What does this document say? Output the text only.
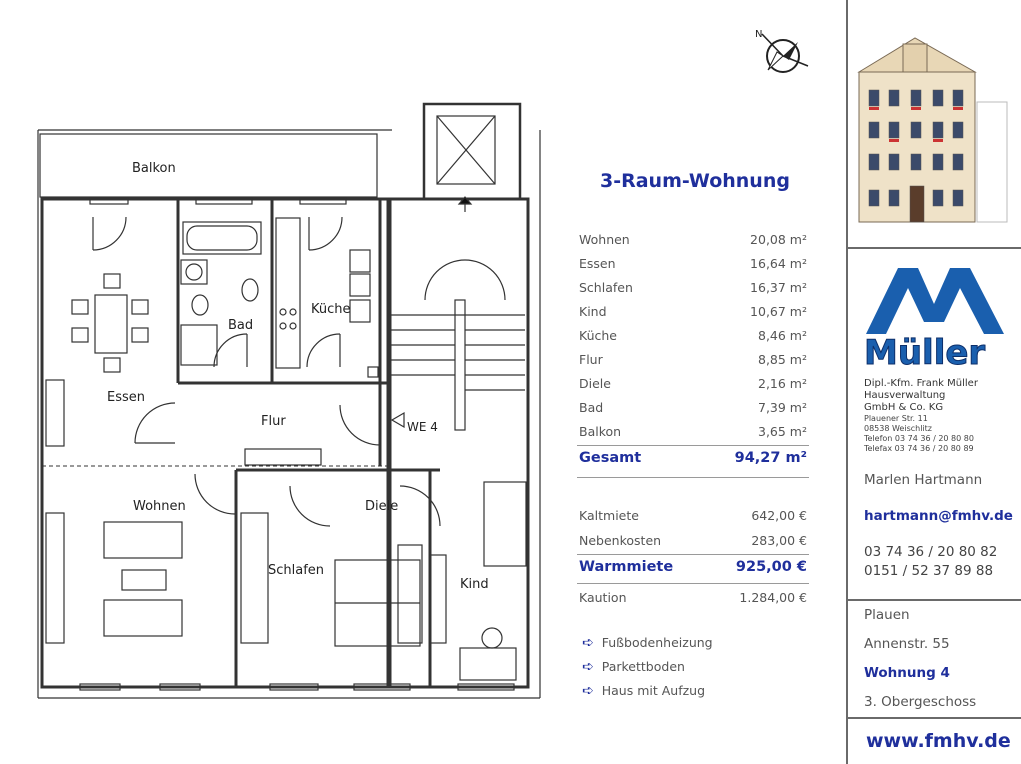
Balkon
Essen
Bad
Küche
Flur
Wohnen
Schlafen
Diele
Kind
WE 4
N
3-Raum-Wohnung
Wohnen	20,08 m²
Essen	16,64 m²
Schlafen	16,37 m²
Kind	10,67 m²
Küche	8,46 m²
Flur	8,85 m²
Diele	2,16 m²
Bad	7,39 m²
Balkon	3,65 m²
Gesamt	94,27 m²
Kaltmiete	642,00 €
Nebenkosten	283,00 €
Warmmiete	925,00 €
Kaution	1.284,00 €
➪ Fußbodenheizung
➪ Parkettboden
➪ Haus mit Aufzug
Müller
Dipl.-Kfm. Frank Müller
Hausverwaltung
GmbH & Co. KG
Plauener Str. 11
08538 Weischlitz
Telefon 03 74 36 / 20 80 80
Telefax 03 74 36 / 20 80 89
Marlen Hartmann
hartmann@fmhv.de
03 74 36 / 20 80 82
0151 / 52 37 89 88
Plauen
Annenstr. 55
Wohnung 4
3. Obergeschoss
www.fmhv.de
